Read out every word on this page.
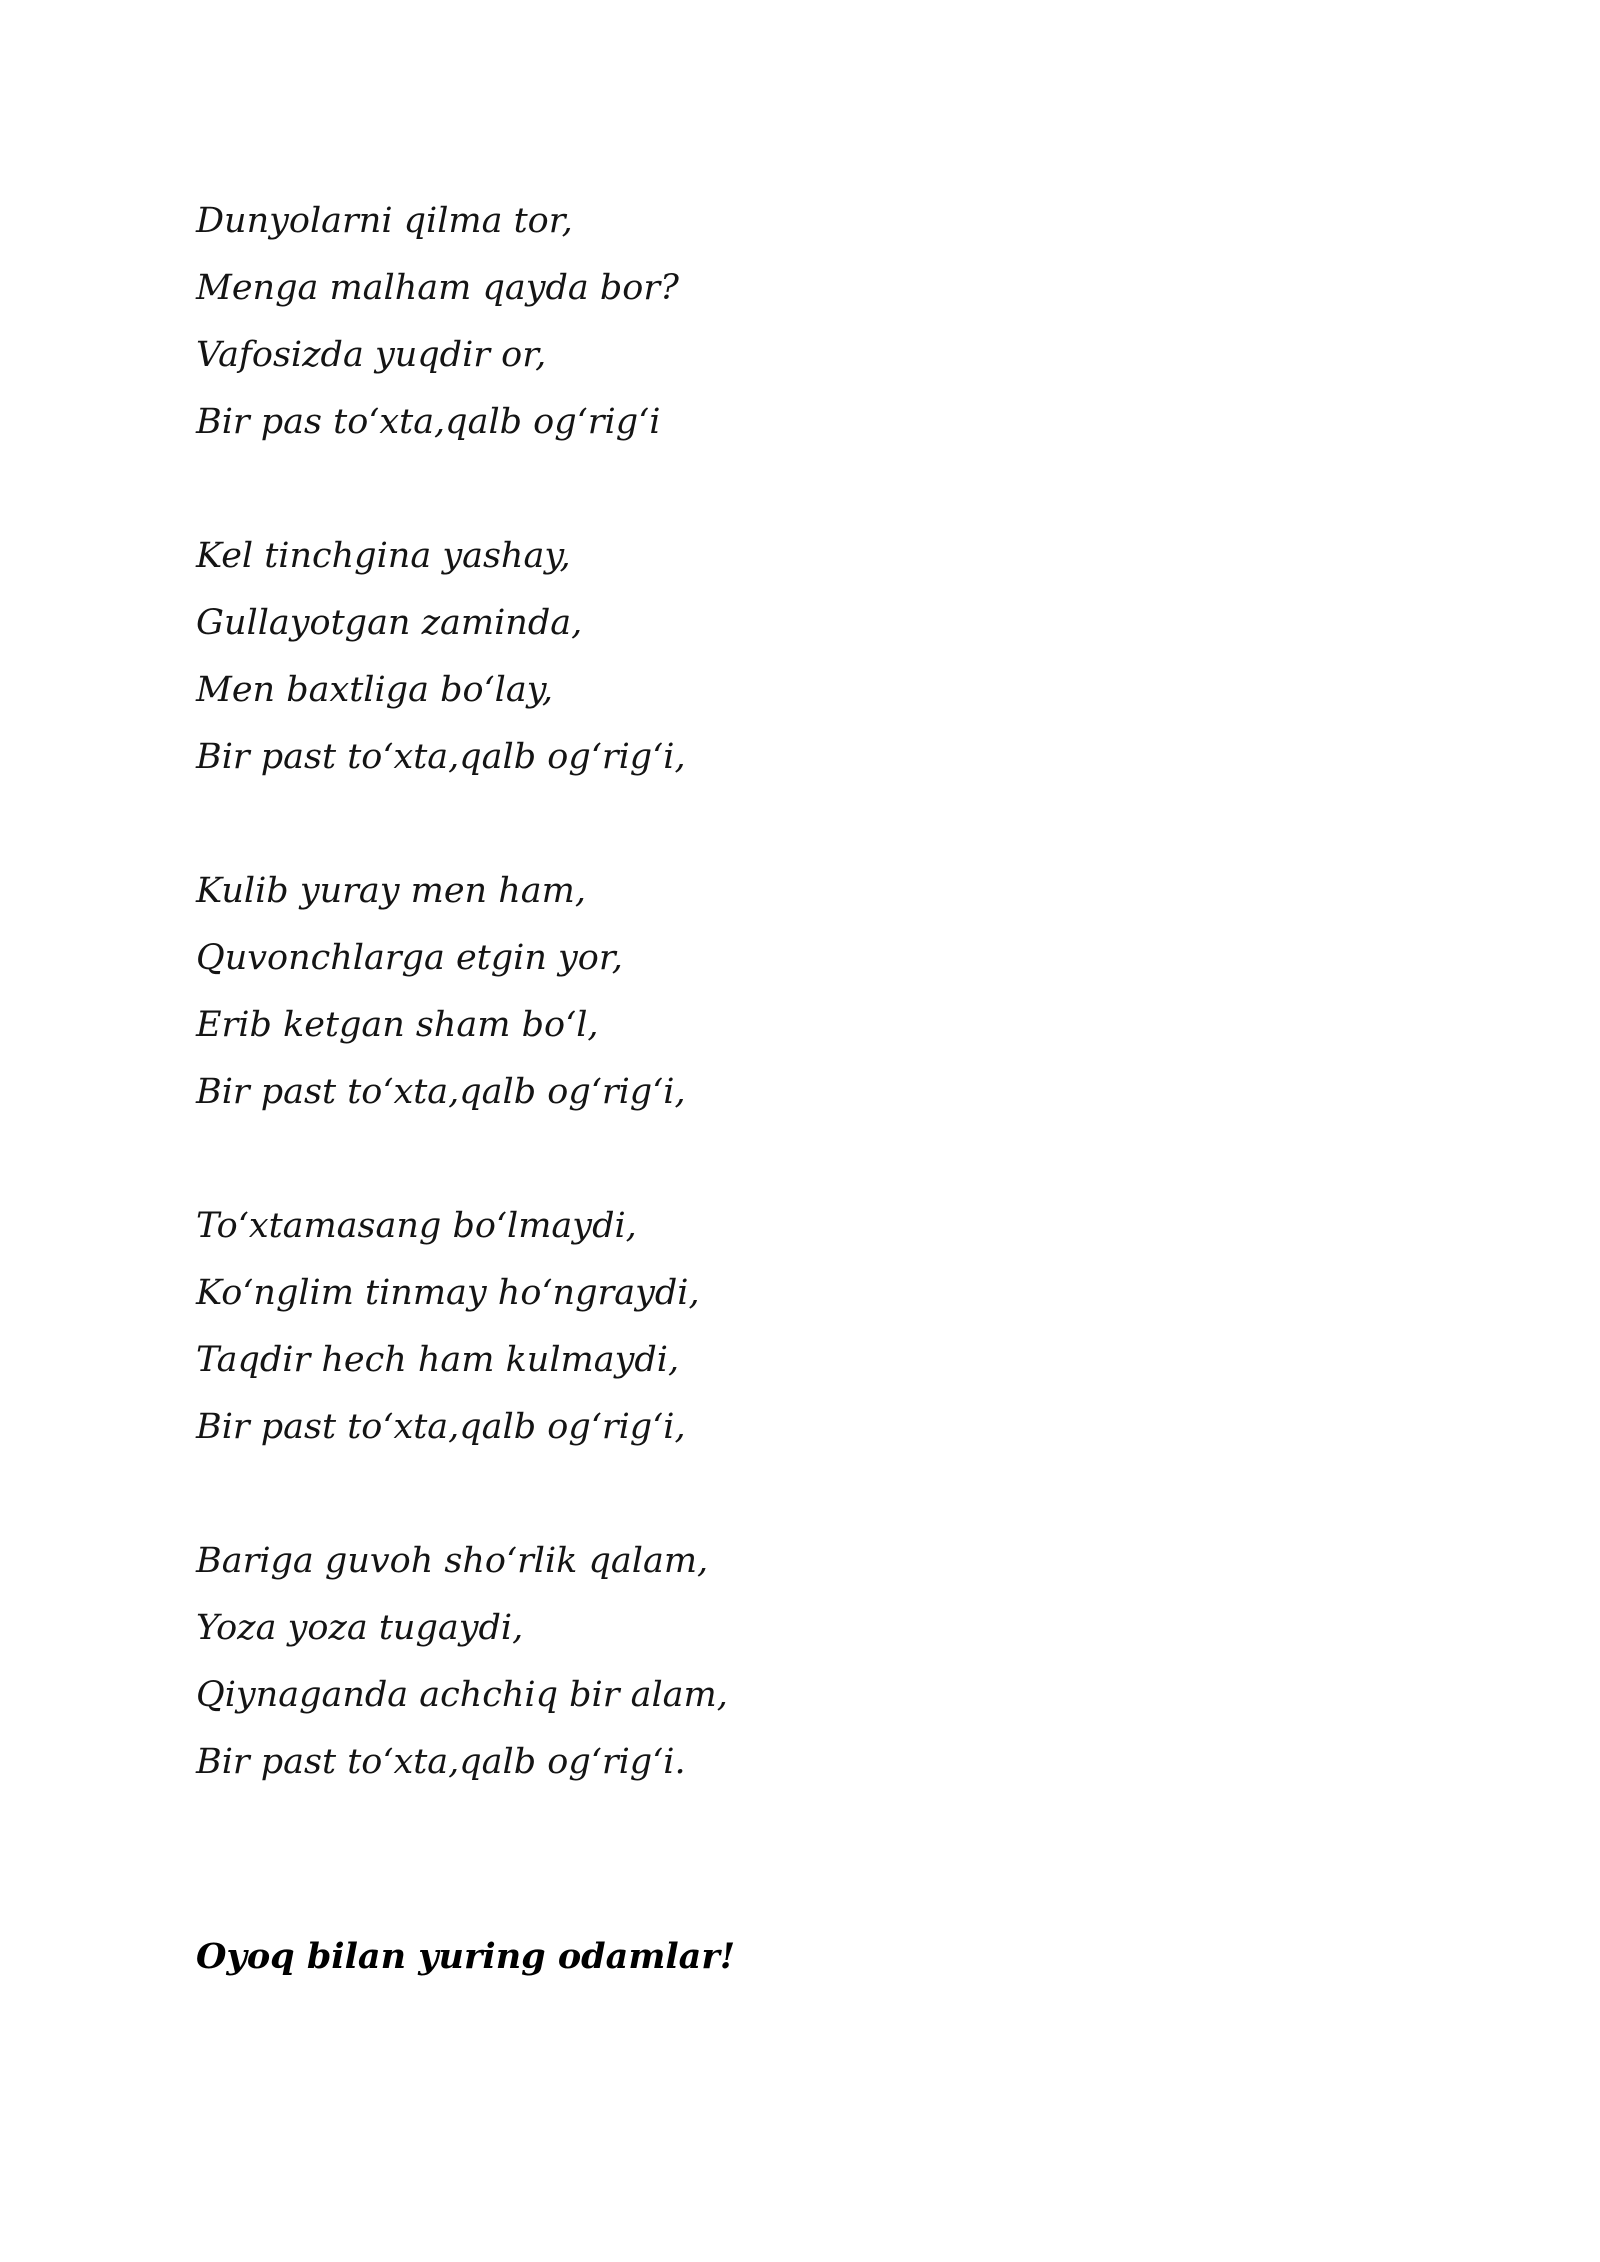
Dunyolarni qilma tor,
Menga malham qayda bor?
Vafosizda yuqdir or,
Bir pas to‘xta,qalb og‘rig‘i
Kel tinchgina yashay,
Gullayotgan zaminda,
Men baxtliga bo‘lay,
Bir past to‘xta,qalb og‘rig‘i,
Kulib yuray men ham,
Quvonchlarga etgin yor,
Erib ketgan sham bo‘l,
Bir past to‘xta,qalb og‘rig‘i,
To‘xtamasang bo‘lmaydi,
Ko‘nglim tinmay ho‘ngraydi,
Taqdir hech ham kulmaydi,
Bir past to‘xta,qalb og‘rig‘i,
Bariga guvoh sho‘rlik qalam,
Yoza yoza tugaydi,
Qiynaganda achchiq bir alam,
Bir past to‘xta,qalb og‘rig‘i.
Oyoq bilan yuring odamlar!
